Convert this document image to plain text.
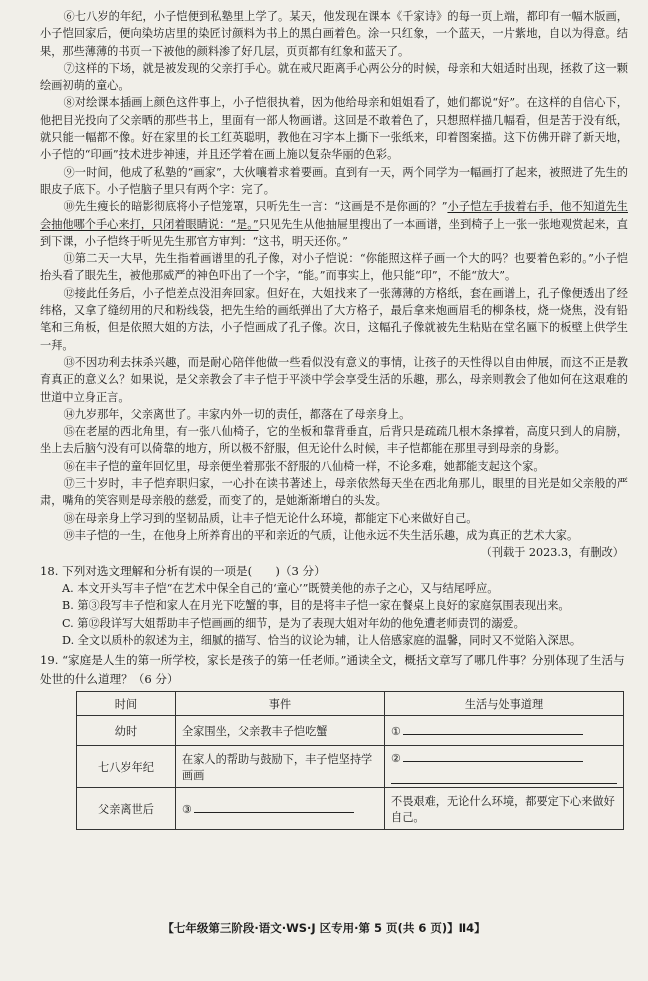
⑥七八岁的年纪，小子恺便到私塾里上学了。某天，他发现在课本《千家诗》的每一页上端，都印有一幅木版画，小子恺回家后，便向染坊店里的染匠讨颜料为书上的黑白画着色。涂一只红象，一个蓝天，一片紫地，自以为得意。结果，那些薄薄的书页一下被他的颜料渗了好几层，页页都有红象和蓝天了。

⑦这样的下场，就是被发现的父亲打手心。就在戒尺距离手心两公分的时候，母亲和大姐适时出现，拯救了这一颗绘画初萌的童心。

⑧对绘课本插画上颜色这件事上，小子恺很执着，因为他给母亲和姐姐看了，她们都说“好”。在这样的自信心下，他把目光投向了父亲晒的那些书上，里面有一部人物画谱。这回是不敢着色了，只想照样描几幅看，但是苦于没有纸，就只能一幅都不像。好在家里的长工红英聪明，教他在习字本上撕下一张纸来，印着图案描。这下仿佛开辟了新天地，小子恺的“印画”技术进步神速，并且还学着在画上施以复杂华丽的色彩。

⑨一时间，他成了私塾的“画家”，大伙嚷着求着要画。直到有一天，两个同学为一幅画打了起来，被照进了先生的眼皮子底下。小子恺脑子里只有两个字：完了。

⑩先生瘦长的暗影彻底将小子恺笼罩，只听先生一言：“这画是不是你画的？”小子恺左手拔着右手，他不知道先生会抽他哪个手心来打，只闭着眼睛说：“是。”只见先生从他抽屉里搜出了一本画谱，坐到椅子上一张一张地观赏起来，直到下课，小子恺终于听见先生那官方审判：“这书，明天还你。”

⑪第二天一大早，先生指着画谱里的孔子像，对小子恺说：“你能照这样子画一个大的吗？也要着色彩的。”小子恺抬头看了眼先生，被他那威严的神色吓出了一个字，“能。”而事实上，他只能“印”，不能“放大”。

⑫接此任务后，小子恺差点没泪奔回家。但好在，大姐找来了一张薄薄的方格纸，套在画谱上，孔子像便透出了经纬格，又拿了缝纫用的尺和粉线袋，把先生给的画纸弹出了大方格子，最后拿来炮画眉毛的柳条枝，烧一烧焦，没有铅笔和三角板，但是依照大姐的方法，小子恺画成了孔子像。次日，这幅孔子像就被先生粘贴在堂名匾下的板壁上供学生一拜。

⑬不因功利去抹杀兴趣，而是耐心陪伴他做一些看似没有意义的事情，让孩子的天性得以自由伸展，而这不正是教育真正的意义么？如果说，是父亲教会了丰子恺于平淡中学会享受生活的乐趣，那么，母亲则教会了他如何在这艰难的世道中立身正言。

⑭九岁那年，父亲离世了。丰家内外一切的责任，都落在了母亲身上。

⑮在老屋的西北角里，有一张八仙椅子，它的坐板和靠背垂直，后背只是疏疏几根木条撑着，高度只到人的肩膀，坐上去后脑勺没有可以倚靠的地方，所以极不舒服，但无论什么时候，丰子恺都能在那里寻到母亲的身影。

⑯在丰子恺的童年回忆里，母亲便坐着那张不舒服的八仙椅一样，不论多难，她都能支起这个家。

⑰三十岁时，丰子恺弃职归家，一心扑在读书著述上，母亲依然每天坐在西北角那儿，眼里的目光是如父亲般的严肃，嘴角的笑容则是母亲般的慈爱，而变了的，是她渐渐增白的头发。

⑱在母亲身上学习到的坚韧品质，让丰子恺无论什么环境，都能定下心来做好自己。

⑲丰子恺的一生，在他身上所养育出的平和亲近的气质，让他永远不失生活乐趣，成为真正的艺术大家。

（刊载于 2023.3，有删改）

18. 下列对选文理解和分析有误的一项是(　　)（3 分）

A. 本文开头写丰子恺“在艺术中保全自己的‘童心’”既赞美他的赤子之心，又与结尾呼应。

B. 第③段写丰子恺和家人在月光下吃蟹的事，目的是将丰子恺一家在餐桌上良好的家庭氛围表现出来。

C. 第⑫段详写大姐帮助丰子恺画画的细节，是为了表现大姐对年幼的他免遭老师责罚的溺爱。

D. 全文以质朴的叙述为主，细腻的描写、恰当的议论为辅，让人倍感家庭的温馨，同时又不觉陷入深思。

19. “家庭是人生的第一所学校，家长是孩子的第一任老师。”通读全文，概括文章写了哪几件事？分别体现了生活与处世的什么道理？（6 分）

时间	事件	生活与处事道理
幼时	全家围坐，父亲教丰子恺吃蟹	①
七八岁年纪	在家人的帮助与鼓励下，丰子恺坚持学画画	②

父亲离世后	③	不畏艰难，无论什么环境，都要定下心来做好自己。
【七年级第三阶段·语文·WS·J 区专用·第 5 页(共 6 页)】Ⅱ4】
